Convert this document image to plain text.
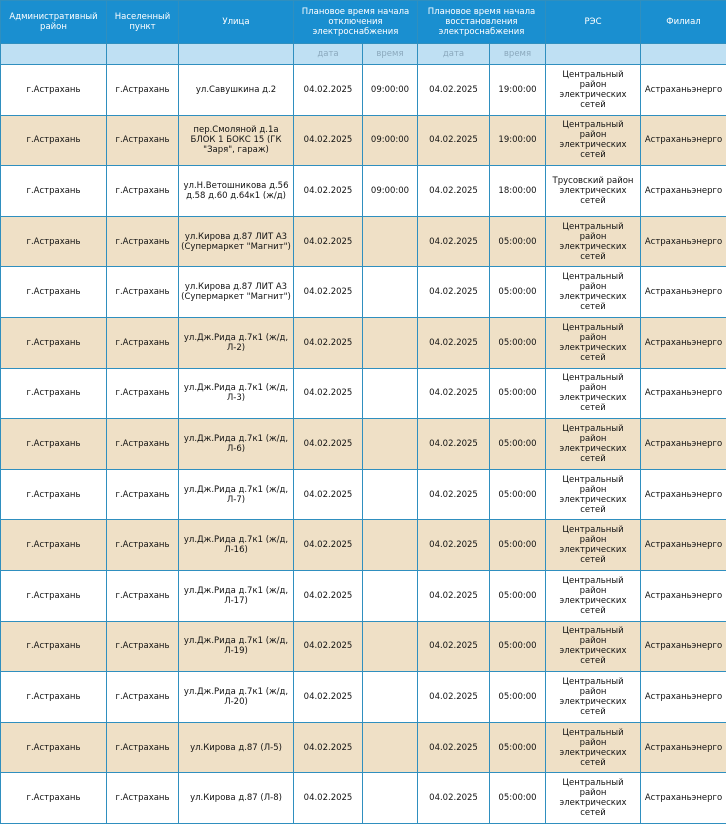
Административный район	Населенный пункт	Улица	Плановое время начала отключения электроснабжения		Плановое время начала восстановления электроснабжения		РЭС	Филиал
			дата	время	дата	время		
г.Астрахань	г.Астрахань	ул.Савушкина д.2	04.02.2025	09:00:00	04.02.2025	19:00:00	Центральный район электрических сетей	Астраханьэнерго
г.Астрахань	г.Астрахань	пер.Смоляной д.1а БЛОК 1 БОКС 15 (ГК "Заря", гараж)	04.02.2025	09:00:00	04.02.2025	19:00:00	Центральный район электрических сетей	Астраханьэнерго
г.Астрахань	г.Астрахань	ул.Н.Ветошникова д.56 д.58 д.60 д.64к1 (ж/д)	04.02.2025	09:00:00	04.02.2025	18:00:00	Трусовский район электрических сетей	Астраханьэнерго
г.Астрахань	г.Астрахань	ул.Кирова д.87 ЛИТ А3 (Супермаркет "Магнит")	04.02.2025		04.02.2025	05:00:00	Центральный район электрических сетей	Астраханьэнерго
г.Астрахань	г.Астрахань	ул.Кирова д.87 ЛИТ А3 (Супермаркет "Магнит")	04.02.2025		04.02.2025	05:00:00	Центральный район электрических сетей	Астраханьэнерго
г.Астрахань	г.Астрахань	ул.Дж.Рида д.7к1 (ж/д, Л-2)	04.02.2025		04.02.2025	05:00:00	Центральный район электрических сетей	Астраханьэнерго
г.Астрахань	г.Астрахань	ул.Дж.Рида д.7к1 (ж/д, Л-3)	04.02.2025		04.02.2025	05:00:00	Центральный район электрических сетей	Астраханьэнерго
г.Астрахань	г.Астрахань	ул.Дж.Рида д.7к1 (ж/д, Л-6)	04.02.2025		04.02.2025	05:00:00	Центральный район электрических сетей	Астраханьэнерго
г.Астрахань	г.Астрахань	ул.Дж.Рида д.7к1 (ж/д, Л-7)	04.02.2025		04.02.2025	05:00:00	Центральный район электрических сетей	Астраханьэнерго
г.Астрахань	г.Астрахань	ул.Дж.Рида д.7к1 (ж/д, Л-16)	04.02.2025		04.02.2025	05:00:00	Центральный район электрических сетей	Астраханьэнерго
г.Астрахань	г.Астрахань	ул.Дж.Рида д.7к1 (ж/д, Л-17)	04.02.2025		04.02.2025	05:00:00	Центральный район электрических сетей	Астраханьэнерго
г.Астрахань	г.Астрахань	ул.Дж.Рида д.7к1 (ж/д, Л-19)	04.02.2025		04.02.2025	05:00:00	Центральный район электрических сетей	Астраханьэнерго
г.Астрахань	г.Астрахань	ул.Дж.Рида д.7к1 (ж/д, Л-20)	04.02.2025		04.02.2025	05:00:00	Центральный район электрических сетей	Астраханьэнерго
г.Астрахань	г.Астрахань	ул.Кирова д.87 (Л-5)	04.02.2025		04.02.2025	05:00:00	Центральный район электрических сетей	Астраханьэнерго
г.Астрахань	г.Астрахань	ул.Кирова д.87 (Л-8)	04.02.2025		04.02.2025	05:00:00	Центральный район электрических сетей	Астраханьэнерго
